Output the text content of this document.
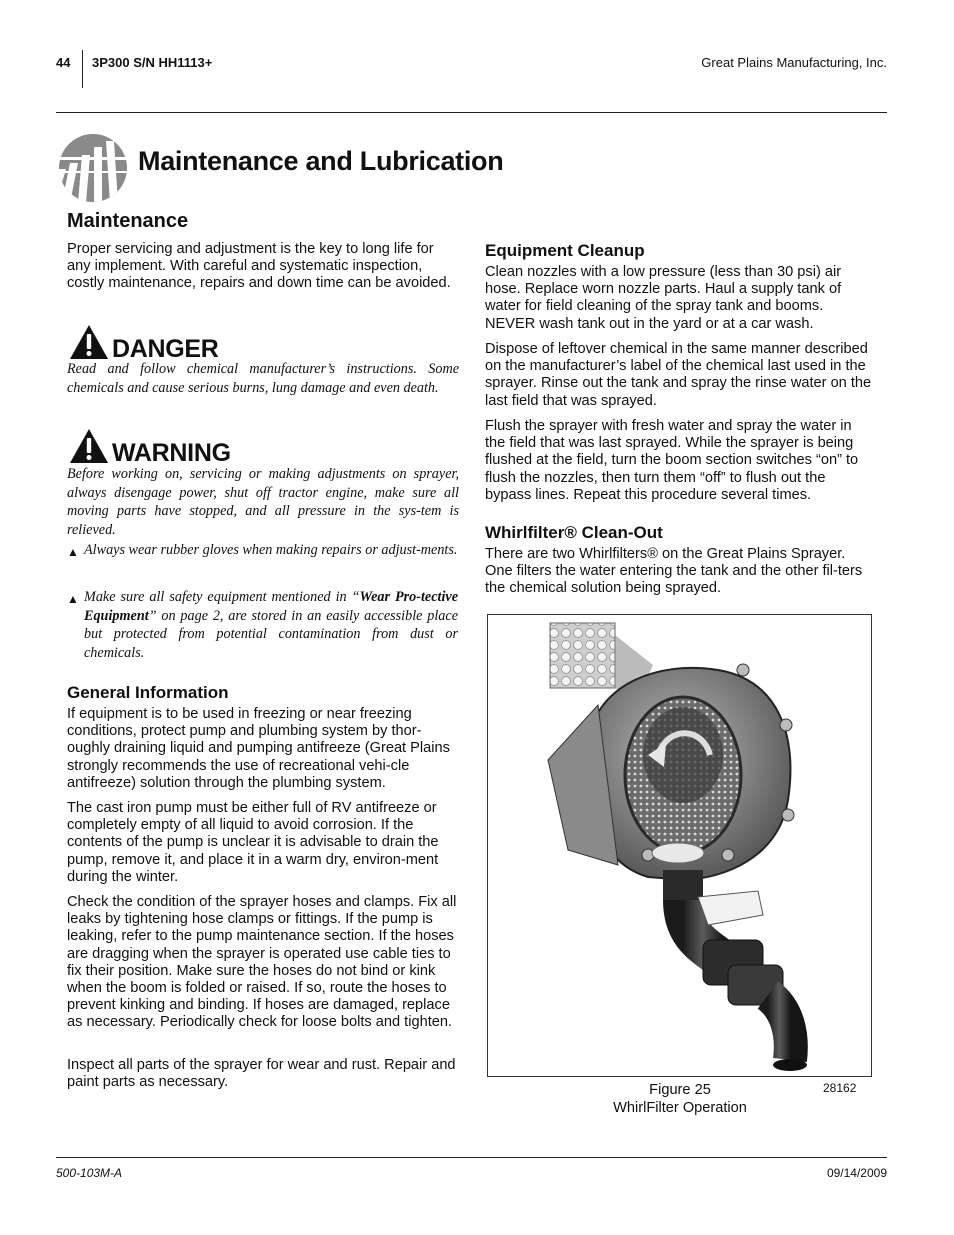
44 3P300 S/N HH1113+	Great Plains Manufacturing, Inc.
Maintenance and Lubrication
Maintenance
Proper servicing and adjustment is the key to long life for any implement. With careful and systematic inspection, costly maintenance, repairs and down time can be avoided.
DANGER
Read and follow chemical manufacturer’s instructions. Some chemicals and cause serious burns, lung damage and even death.
WARNING
Before working on, servicing or making adjustments on sprayer, always disengage power, shut off tractor engine, make sure all moving parts have stopped, and all pressure in the sys-tem is relieved.
▲ Always wear rubber gloves when making repairs or adjust-ments.
▲ Make sure all safety equipment mentioned in “Wear Pro-tective Equipment” on page 2, are stored in an easily accessible place but protected from potential contamination from dust or chemicals.
General Information
If equipment is to be used in freezing or near freezing conditions, protect pump and plumbing system by thor-oughly draining liquid and pumping antifreeze (Great Plains strongly recommends the use of recreational vehi-cle antifreeze) solution through the plumbing system.
The cast iron pump must be either full of RV antifreeze or completely empty of all liquid to avoid corrosion. If the contents of the pump is unclear it is advisable to drain the pump, remove it, and place it in a warm dry, environ-ment during the winter.
Check the condition of the sprayer hoses and clamps. Fix all leaks by tightening hose clamps or fittings. If the pump is leaking, refer to the pump maintenance section. If the hoses are dragging when the sprayer is operated use cable ties to fix their position. Make sure the hoses do not bind or kink when the boom is folded or raised. If so, route the hoses to prevent kinking and binding. If hoses are damaged, replace as necessary. Periodically check for loose bolts and tighten.
Inspect all parts of the sprayer for wear and rust. Repair and paint parts as necessary.
Equipment Cleanup
Clean nozzles with a low pressure (less than 30 psi) air hose. Replace worn nozzle parts. Haul a supply tank of water for field cleaning of the spray tank and booms. NEVER wash tank out in the yard or at a car wash.
Dispose of leftover chemical in the same manner described on the manufacturer’s label of the chemical last used in the sprayer. Rinse out the tank and spray the rinse water on the last field that was sprayed.
Flush the sprayer with fresh water and spray the water in the field that was last sprayed. While the sprayer is being flushed at the field, turn the boom section switches “on” to flush the nozzles, then turn them “off” to flush out the bypass lines. Repeat this procedure several times.
Whirlfilter® Clean-Out
There are two Whirlfilters® on the Great Plains Sprayer. One filters the water entering the tank and the other fil-ters the chemical solution being sprayed.
Figure 25
WhirlFilter Operation
28162
500-103M-A	09/14/2009
